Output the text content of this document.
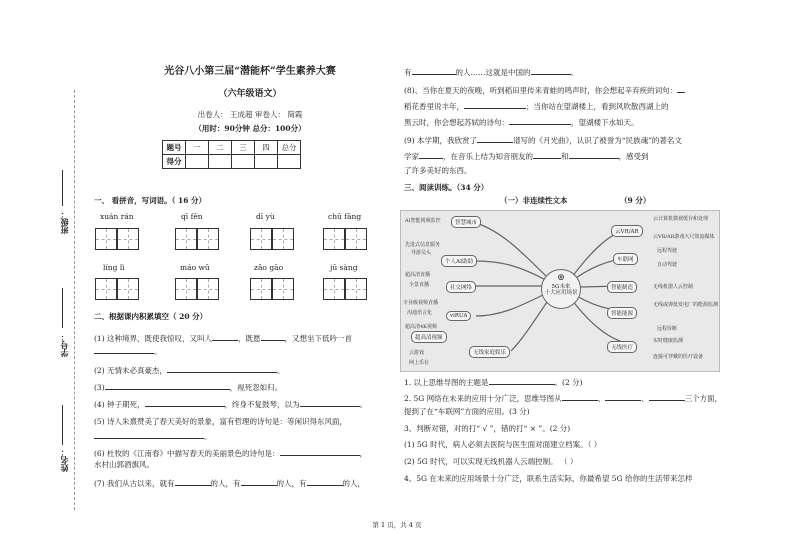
班级：
学号：
姓名：
光谷八小第三届“潜能杯”学生素养大赛
（六年级语文）
出卷人： 王成超 审卷人： 简霞
（用时：90分钟 总分：100分）
题号	一	二	三	四	总分
得分					
一、 看拼音，写词语。（ 16 分）
xuán rán	qī fēn	dī yù	chū fāng
líng lì	máo wū	zǎo gāo	jū sàng
二、根据课内积累填空（ 20 分）
(1) 这种境界，既使我惊叹，又叫人	，既愿	，又想坐下低吟一首
。
(2) 无情未必真豪杰，	。
(3)	，视死忽如归。
(4) 钟子期死，	，终身不复鼓琴，以为	。
(5) 诗人朱熹赞美了春天美好的景象，富有哲理的诗句是：等闲识得东风面，
。
(6) 杜牧的《江南春》中描写春天的美丽景色的诗句是：	，
水村山郭酒旗风。
(7) 我们从古以来，就有	的人，有	的人，有	的人，
第 1 页，共 4 页
有	的人……这就是中国的	。
(8)、当你在夏天的夜晚，听到稻田里传来青蛙的鸣声时，你会想起辛弃疾的词句：
稻花香里说丰年，	；当你站在望湖楼上，看到风吹散西湖上的
黑云时，你会想起苏轼的诗句：	，望湖楼下水如天。
(9) 本学期，我欣赏了	谱写的《月光曲》，认识了被誉为“民族魂”的著名文
学家	，在音乐上结为知音朋友的	和	，感受到
了许多美好的东西。
三、阅读训练。（34 分）
（一）非连续性文本	（9 分）
⊚
5G未来
十大应用场景
智慧城市
个人AI助助
社交网络
viRUA
超高清视频
无线家庭娱乐
AI智能视频监控
先进式信息服务
导游员头
超高清直播
全景直播
专业级视频直播
沟通语言化
超高清4K视频
云游戏
网上乐在
云VR/AR
车联网
智能制造
智能能源
无线医疗
云计算机微视缓存和处理
云VR/AR游戏大尺效流媒体
远程驾驶
自动驾驶
无线机器人云控制
无线或弹低发电厂的能源监测
远程诊断
实时健康监测
连接可穿戴的医疗设备
1. 以上思维导图的主题是	。(2 分)
2. 5G 网络在未来的应用十分广泛，思维导图从	、	、	三个方面，
提到了在“车联网”方面的应用。(3 分)
3、判断对错，对的打“ √ ”，错的打“ × ”。(2 分)
(1) 5G 时代，病人必须去医院与医生面对面建立档案。（ ）
(2) 5G 时代，可以实现无线机器人云端控制。 （ ）
4、5G 在未来的应用场景十分广泛，联系生活实际，你最希望 5G 给你的生活带来怎样
